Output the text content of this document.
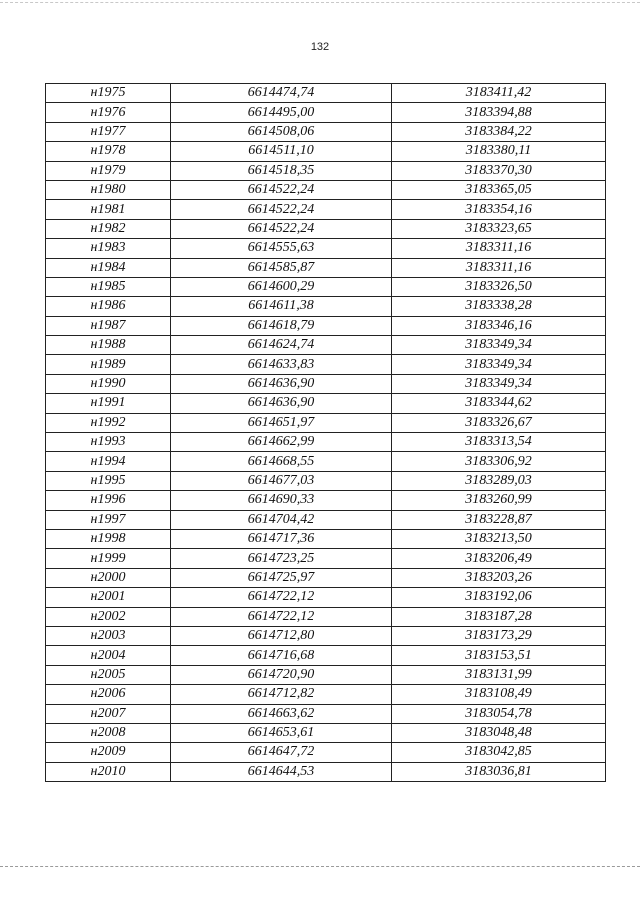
132
н1975	6614474,74	3183411,42
н1976	6614495,00	3183394,88
н1977	6614508,06	3183384,22
н1978	6614511,10	3183380,11
н1979	6614518,35	3183370,30
н1980	6614522,24	3183365,05
н1981	6614522,24	3183354,16
н1982	6614522,24	3183323,65
н1983	6614555,63	3183311,16
н1984	6614585,87	3183311,16
н1985	6614600,29	3183326,50
н1986	6614611,38	3183338,28
н1987	6614618,79	3183346,16
н1988	6614624,74	3183349,34
н1989	6614633,83	3183349,34
н1990	6614636,90	3183349,34
н1991	6614636,90	3183344,62
н1992	6614651,97	3183326,67
н1993	6614662,99	3183313,54
н1994	6614668,55	3183306,92
н1995	6614677,03	3183289,03
н1996	6614690,33	3183260,99
н1997	6614704,42	3183228,87
н1998	6614717,36	3183213,50
н1999	6614723,25	3183206,49
н2000	6614725,97	3183203,26
н2001	6614722,12	3183192,06
н2002	6614722,12	3183187,28
н2003	6614712,80	3183173,29
н2004	6614716,68	3183153,51
н2005	6614720,90	3183131,99
н2006	6614712,82	3183108,49
н2007	6614663,62	3183054,78
н2008	6614653,61	3183048,48
н2009	6614647,72	3183042,85
н2010	6614644,53	3183036,81
